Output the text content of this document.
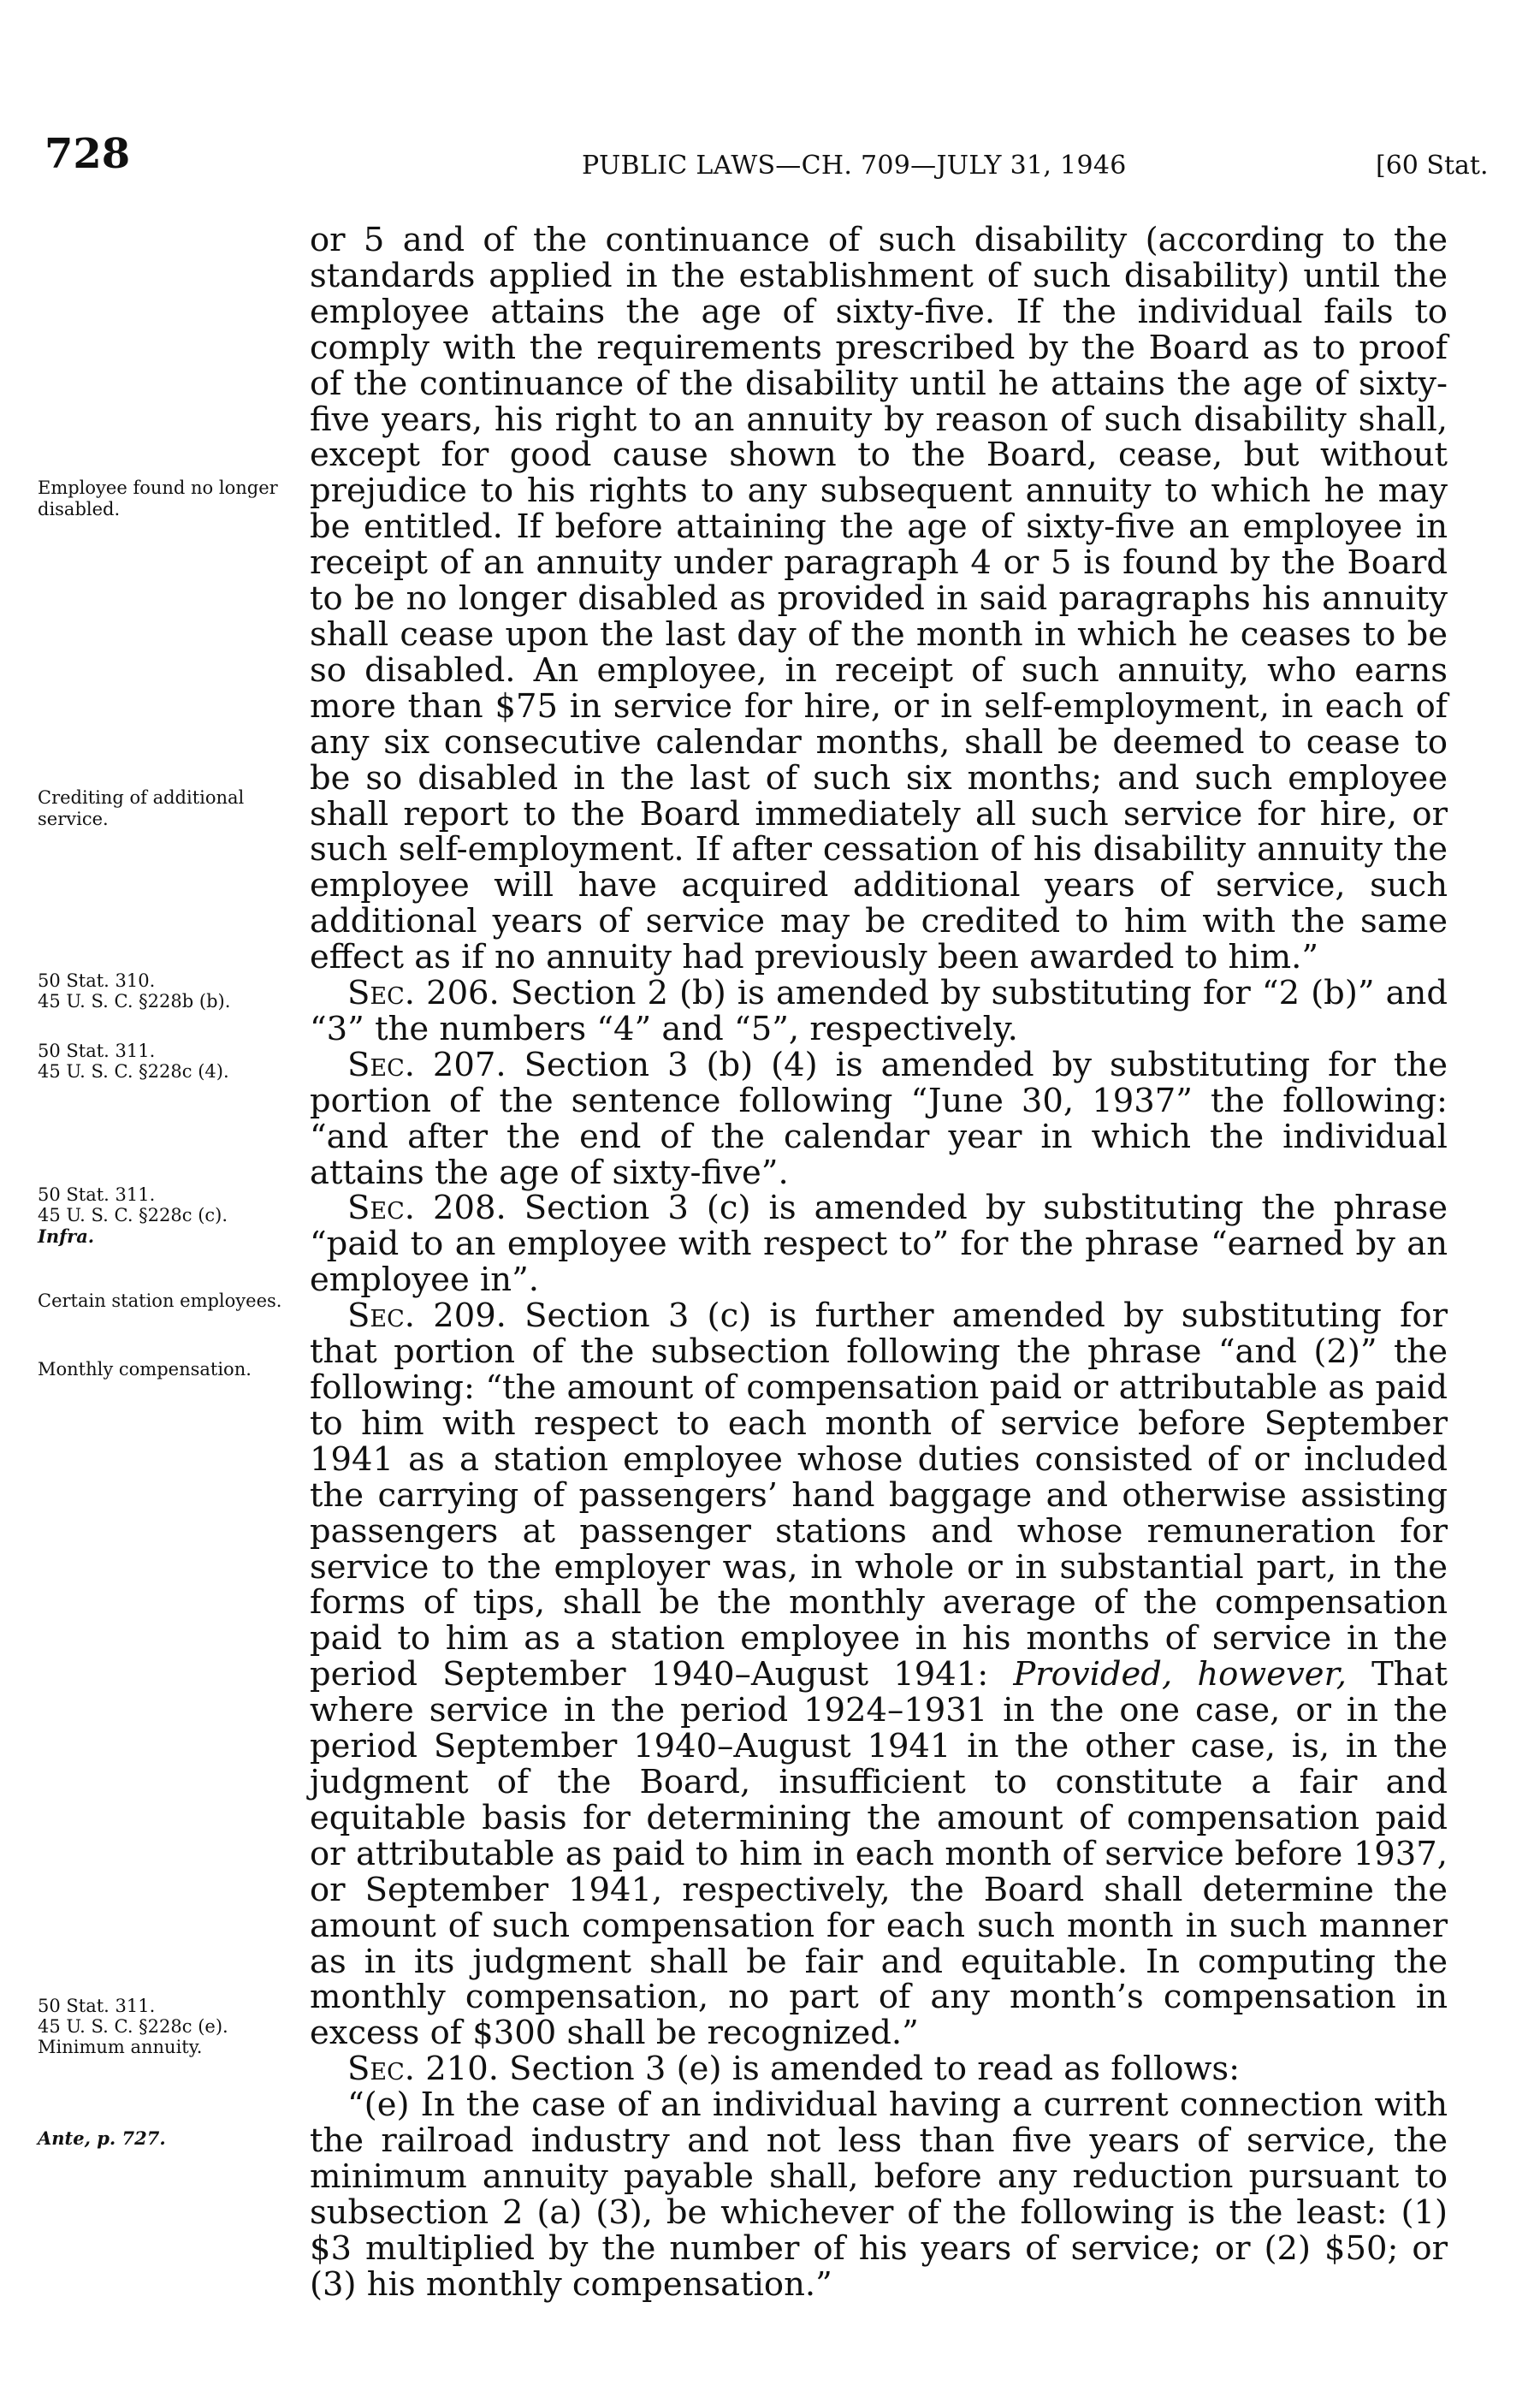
728	PUBLIC LAWS—CH. 709—JULY 31, 1946	[60 Stat.
Employee found no longer disabled.
Crediting of additional service.
50 Stat. 310.
45 U. S. C. §228b (b).
50 Stat. 311.
45 U. S. C. §228c (4).
50 Stat. 311.
45 U. S. C. §228c (c).
Infra.
Certain station employees.
Monthly compensation.
50 Stat. 311.
45 U. S. C. §228c (e).
Minimum annuity.
Ante, p. 727.

or 5 and of the continuance of such disability (according to the standards applied in the establishment of such disability) until the employee attains the age of sixty-five. If the individual fails to comply with the requirements prescribed by the Board as to proof of the continuance of the disability until he attains the age of sixty-five years, his right to an annuity by reason of such disability shall, except for good cause shown to the Board, cease, but without prejudice to his rights to any subsequent annuity to which he may be entitled. If before attaining the age of sixty-five an employee in receipt of an annuity under paragraph 4 or 5 is found by the Board to be no longer disabled as provided in said paragraphs his annuity shall cease upon the last day of the month in which he ceases to be so disabled. An employee, in receipt of such annuity, who earns more than $75 in service for hire, or in self-employment, in each of any six consecutive calendar months, shall be deemed to cease to be so disabled in the last of such six months; and such employee shall report to the Board immediately all such service for hire, or such self-employment. If after cessation of his disability annuity the employee will have acquired additional years of service, such additional years of service may be credited to him with the same effect as if no annuity had previously been awarded to him.”

Sec. 206. Section 2 (b) is amended by substituting for “2 (b)” and “3” the numbers “4” and “5”, respectively.

Sec. 207. Section 3 (b) (4) is amended by substituting for the portion of the sentence following “June 30, 1937” the following: “and after the end of the calendar year in which the individual attains the age of sixty-five”.

Sec. 208. Section 3 (c) is amended by substituting the phrase “paid to an employee with respect to” for the phrase “earned by an employee in”.

Sec. 209. Section 3 (c) is further amended by substituting for that portion of the subsection following the phrase “and (2)” the following: “the amount of compensation paid or attributable as paid to him with respect to each month of service before September 1941 as a station employee whose duties consisted of or included the carrying of passengers’ hand baggage and otherwise assisting passengers at passenger stations and whose remuneration for service to the employer was, in whole or in substantial part, in the forms of tips, shall be the monthly average of the compensation paid to him as a station employee in his months of service in the period September 1940–August 1941: Provided, however, That where service in the period 1924–1931 in the one case, or in the period September 1940–August 1941 in the other case, is, in the judgment of the Board, insufficient to constitute a fair and equitable basis for determining the amount of compensation paid or attributable as paid to him in each month of service before 1937, or September 1941, respectively, the Board shall determine the amount of such compensation for each such month in such manner as in its judgment shall be fair and equitable. In computing the monthly compensation, no part of any month’s compensation in excess of $300 shall be recognized.”

Sec. 210. Section 3 (e) is amended to read as follows:

“(e) In the case of an individual having a current connection with the railroad industry and not less than five years of service, the minimum annuity payable shall, before any reduction pursuant to subsection 2 (a) (3), be whichever of the following is the least: (1) $3 multiplied by the number of his years of service; or (2) $50; or (3) his monthly compensation.”
